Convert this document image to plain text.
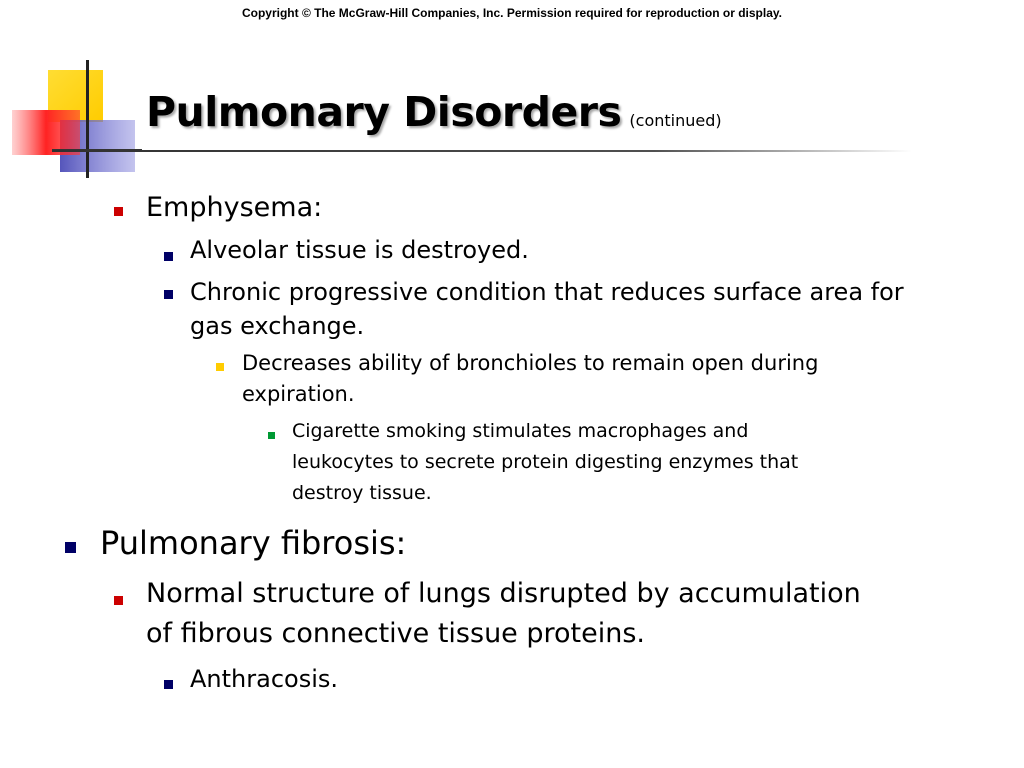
Copyright © The McGraw-Hill Companies, Inc. Permission required for reproduction or display.
Pulmonary Disorders (continued)
Emphysema:
Alveolar tissue is destroyed.
Chronic progressive condition that reduces surface area for
gas exchange.
Decreases ability of bronchioles to remain open during
expiration.
Cigarette smoking stimulates macrophages and
leukocytes to secrete protein digesting enzymes that
destroy tissue.
Pulmonary fibrosis:
Normal structure of lungs disrupted by accumulation
of fibrous connective tissue proteins.
Anthracosis.
